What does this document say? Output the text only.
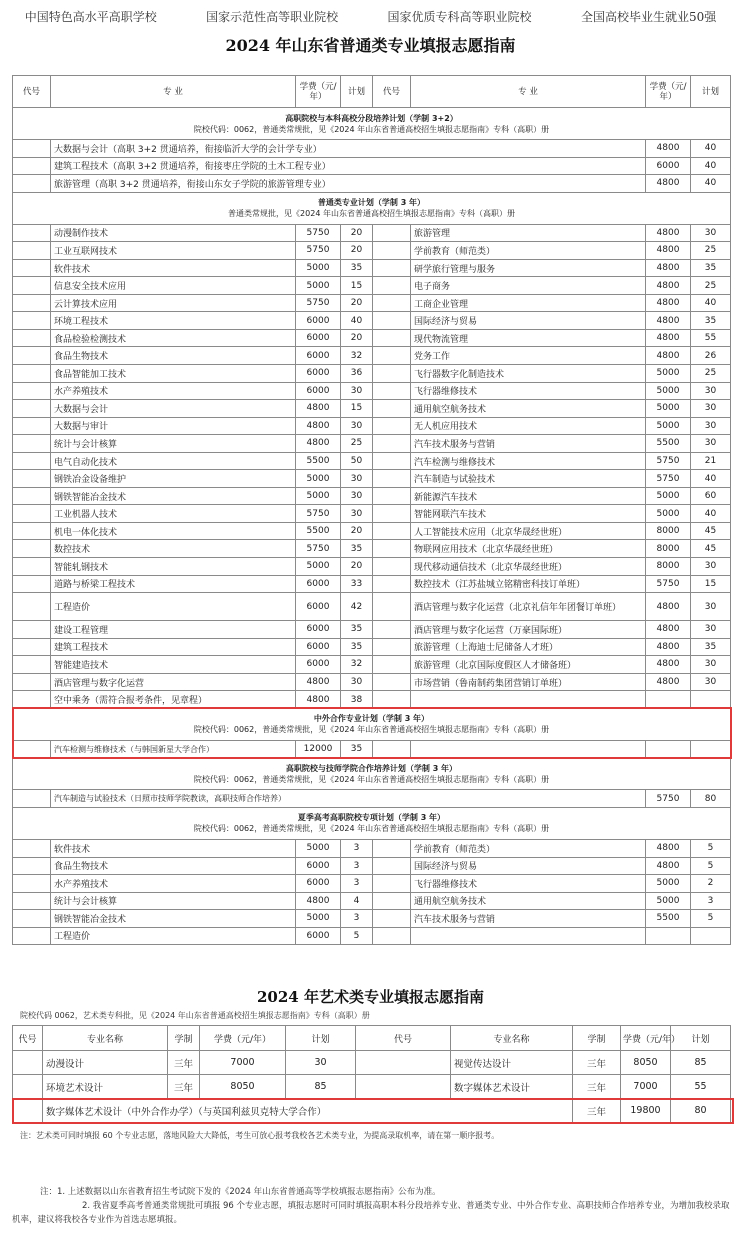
中国特色高水平高职学校	国家示范性高等职业院校	国家优质专科高等职业院校	全国高校毕业生就业50强
2024 年山东省普通类专业填报志愿指南
代号	专 业	学费（元/年）	计划	代号	专 业	学费（元/年）	计划

高职院校与本科高校分段培养计划（学制 3+2）
院校代码：0062，普通类常规批，见《2024 年山东省普通高校招生填报志愿指南》专科（高职）册							

	大数据与会计（高职 3+2 贯通培养，衔接临沂大学的会计学专业）					4800	40
	建筑工程技术（高职 3+2 贯通培养，衔接枣庄学院的土木工程专业）					6000	40
	旅游管理（高职 3+2 贯通培养，衔接山东女子学院的旅游管理专业）					4800	40

普通类专业计划（学制 3 年）
普通类常规批，见《2024 年山东省普通高校招生填报志愿指南》专科（高职）册							

	动漫制作技术	5750	20		旅游管理	4800	30
	工业互联网技术	5750	20		学前教育（师范类）	4800	25
	软件技术	5000	35		研学旅行管理与服务	4800	35
	信息安全技术应用	5000	15		电子商务	4800	25
	云计算技术应用	5750	20		工商企业管理	4800	40
	环境工程技术	6000	40		国际经济与贸易	4800	35
	食品检验检测技术	6000	20		现代物流管理	4800	55
	食品生物技术	6000	32		党务工作	4800	26
	食品智能加工技术	6000	36		飞行器数字化制造技术	5000	25
	水产养殖技术	6000	30		飞行器维修技术	5000	30
	大数据与会计	4800	15		通用航空航务技术	5000	30
	大数据与审计	4800	30		无人机应用技术	5000	30
	统计与会计核算	4800	25		汽车技术服务与营销	5500	30
	电气自动化技术	5500	50		汽车检测与维修技术	5750	21
	钢铁冶金设备维护	5000	30		汽车制造与试验技术	5750	40
	钢铁智能冶金技术	5000	30		新能源汽车技术	5000	60
	工业机器人技术	5750	30		智能网联汽车技术	5000	40
	机电一体化技术	5500	20		人工智能技术应用（北京华晟经世班）	8000	45
	数控技术	5750	35		物联网应用技术（北京华晟经世班）	8000	45
	智能轧钢技术	5000	20		现代移动通信技术（北京华晟经世班）	8000	30
	道路与桥梁工程技术	6000	33		数控技术（江苏盐城立铭精密科技订单班）	5750	15
	工程造价	6000	42		酒店管理与数字化运营（北京礼信年年团餐订单班）	4800	30
	建设工程管理	6000	35		酒店管理与数字化运营（万豪国际班）	4800	30
	建筑工程技术	6000	35		旅游管理（上海迪士尼储备人才班）	4800	35
	智能建造技术	6000	32		旅游管理（北京国际度假区人才储备班）	4800	30
	酒店管理与数字化运营	4800	30		市场营销（鲁南制药集团营销订单班）	4800	30
	空中乘务（需符合报考条件，见章程）	4800	38				

中外合作专业计划（学制 3 年）
院校代码：0062，普通类常规批，见《2024 年山东省普通高校招生填报志愿指南》专科（高职）册							

	汽车检测与维修技术（与韩国新星大学合作）	12000	35				

高职院校与技师学院合作培养计划（学制 3 年）
院校代码：0062，普通类常规批，见《2024 年山东省普通高校招生填报志愿指南》专科（高职）册							

	汽车制造与试验技术（日照市技师学院教读，高职技师合作培养）					5750	80

夏季高考高职院校专项计划（学制 3 年）
院校代码：0062，普通类常规批，见《2024 年山东省普通高校招生填报志愿指南》专科（高职）册							

	软件技术	5000	3		学前教育（师范类）	4800	5
	食品生物技术	6000	3		国际经济与贸易	4800	5
	水产养殖技术	6000	3		飞行器维修技术	5000	2
	统计与会计核算	4800	4		通用航空航务技术	5000	3
	钢铁智能冶金技术	5000	3		汽车技术服务与营销	5500	5
	工程造价	6000	5				
2024 年艺术类专业填报志愿指南
院校代码 0062，艺术类专科批，见《2024 年山东省普通高校招生填报志愿指南》专科（高职）册
代号	专业名称	学制	学费（元/年）	计划	代号	专业名称	学制	学费（元/年）	计划
	动漫设计	三年	7000	30		视觉传达设计	三年	8050	85
	环境艺术设计	三年	8050	85		数字媒体艺术设计	三年	7000	55
	数字媒体艺术设计（中外合作办学）（与英国利兹贝克特大学合作）						三年	19800	80
注：艺术类可同时填报 60 个专业志愿，落地风险大大降低，考生可放心报考我校各艺术类专业，为提高录取机率，请在第一顺序报考。

注：1. 上述数据以山东省教育招生考试院下发的《2024 年山东省普通高等学校填报志愿指南》公布为准。

2. 我省夏季高考普通类常规批可填报 96 个专业志愿，填报志愿时可同时填报高职本科分段培养专业、普通类专业、中外合作专业、高职技师合作培养专业，为增加我校录取机率，建议将我校各专业作为首选志愿填报。
